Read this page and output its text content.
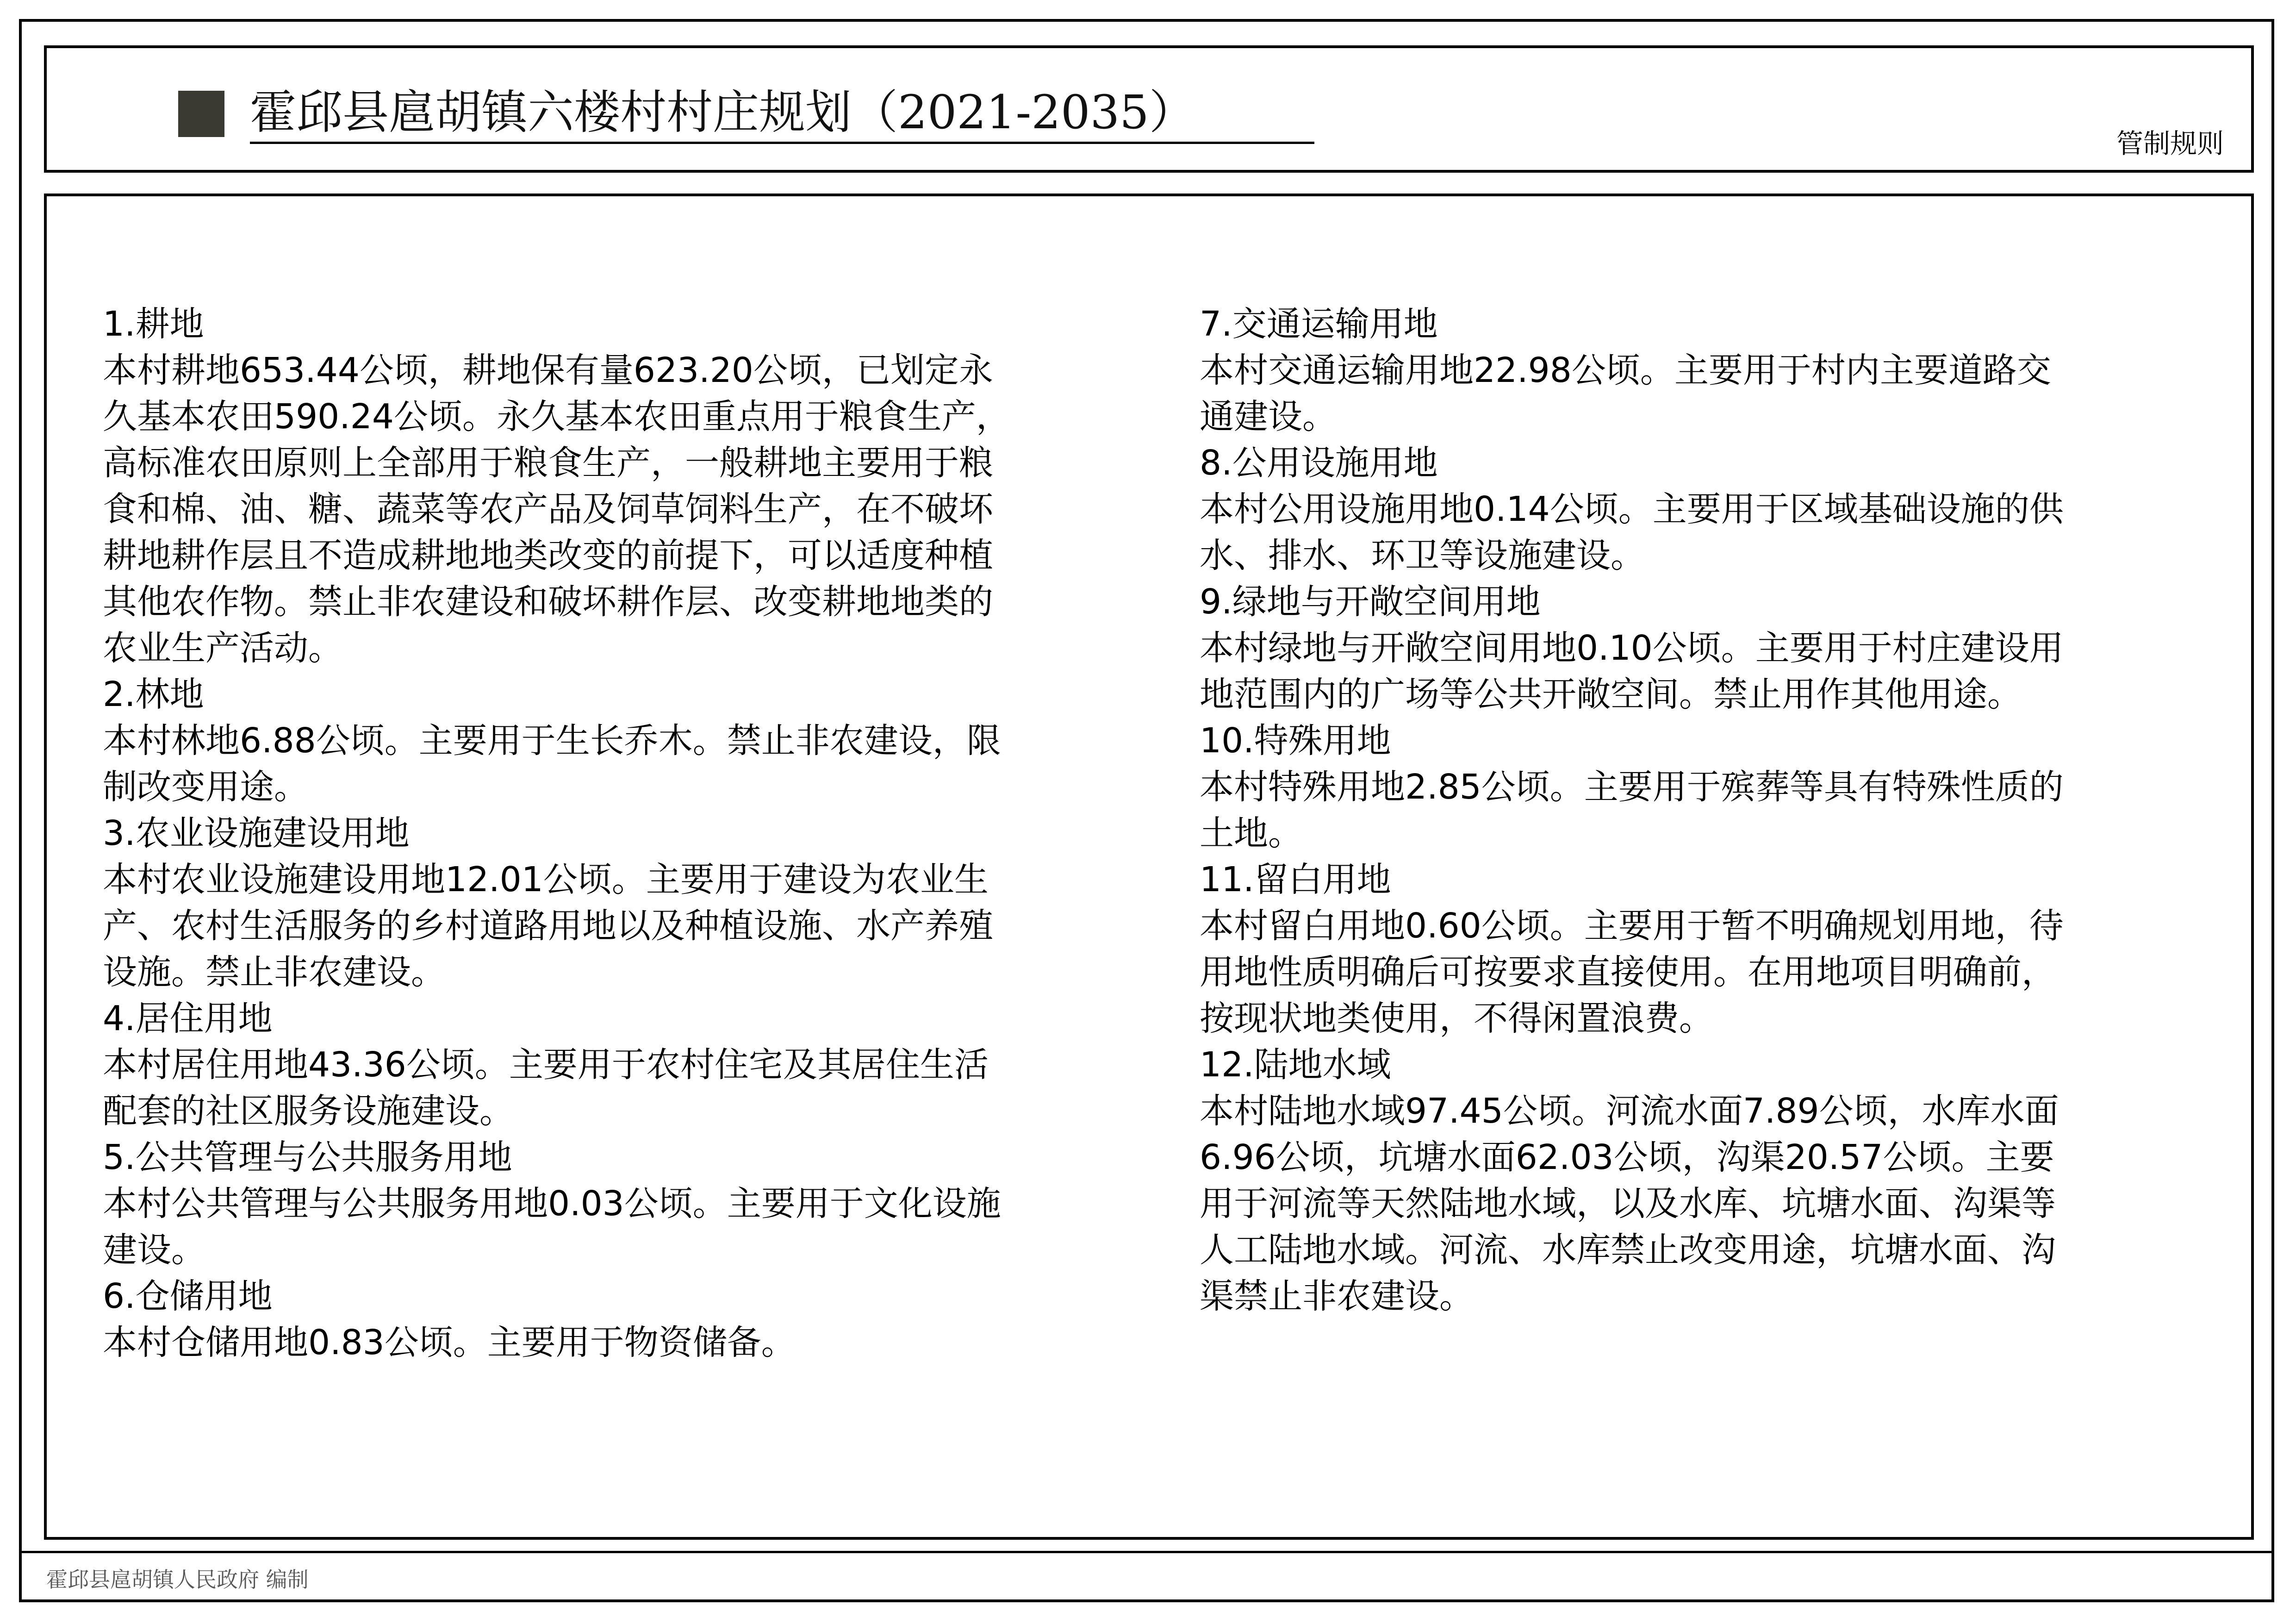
霍邱县扈胡镇六楼村村庄规划（2021-2035）
管制规则

1.耕地

本村耕地653.44公顷，耕地保有量623.20公顷，已划定永
久基本农田590.24公顷。永久基本农田重点用于粮食生产，
高标准农田原则上全部用于粮食生产，一般耕地主要用于粮
食和棉、油、糖、蔬菜等农产品及饲草饲料生产，在不破坏
耕地耕作层且不造成耕地地类改变的前提下，可以适度种植
其他农作物。禁止非农建设和破坏耕作层、改变耕地地类的
农业生产活动。

2.林地

本村林地6.88公顷。主要用于生长乔木。禁止非农建设，限
制改变用途。

3.农业设施建设用地

本村农业设施建设用地12.01公顷。主要用于建设为农业生
产、农村生活服务的乡村道路用地以及种植设施、水产养殖
设施。禁止非农建设。

4.居住用地

本村居住用地43.36公顷。主要用于农村住宅及其居住生活
配套的社区服务设施建设。

5.公共管理与公共服务用地

本村公共管理与公共服务用地0.03公顷。主要用于文化设施
建设。

6.仓储用地

本村仓储用地0.83公顷。主要用于物资储备。

7.交通运输用地

本村交通运输用地22.98公顷。主要用于村内主要道路交
通建设。

8.公用设施用地

本村公用设施用地0.14公顷。主要用于区域基础设施的供
水、排水、环卫等设施建设。

9.绿地与开敞空间用地

本村绿地与开敞空间用地0.10公顷。主要用于村庄建设用
地范围内的广场等公共开敞空间。禁止用作其他用途。

10.特殊用地

本村特殊用地2.85公顷。主要用于殡葬等具有特殊性质的
土地。

11.留白用地

本村留白用地0.60公顷。主要用于暂不明确规划用地，待
用地性质明确后可按要求直接使用。在用地项目明确前，
按现状地类使用，不得闲置浪费。

12.陆地水域

本村陆地水域97.45公顷。河流水面7.89公顷，水库水面
6.96公顷，坑塘水面62.03公顷，沟渠20.57公顷。主要
用于河流等天然陆地水域，以及水库、坑塘水面、沟渠等
人工陆地水域。河流、水库禁止改变用途，坑塘水面、沟
渠禁止非农建设。

霍邱县扈胡镇人民政府 编制
